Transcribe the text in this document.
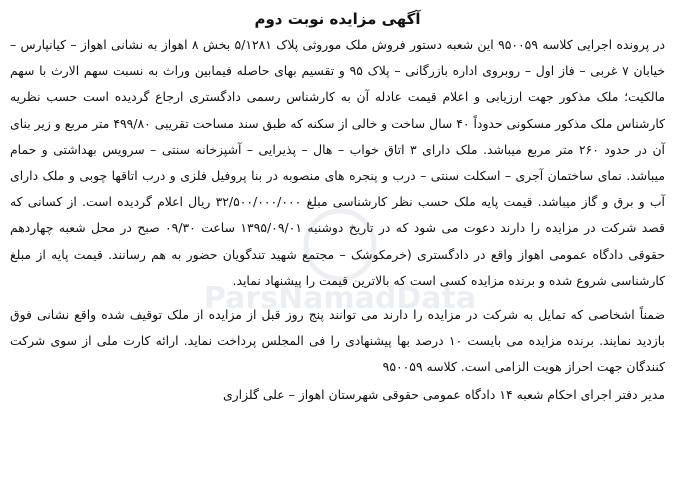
آگهی مزایده نوبت دوم

در پرونده اجرایی کلاسه ۹۵۰۰۵۹ این شعبه دستور فروش ملک موروثی پلاک ۵/۱۲۸۱ بخش ۸ اهواز به نشانی اهواز – کیانپارس – خیابان ۷ غربی – فاز اول – روبروی اداره بازرگانی – پلاک ۹۵ و تقسیم بهای حاصله فیمابین وراث به نسبت سهم الارث با سهم مالکیت؛ ملک مذکور جهت ارزیابی و اعلام قیمت عادله آن به کارشناس رسمی دادگستری ارجاع گردیده است حسب نظریه کارشناس ملک مذکور مسکونی حدوداً ۴۰ سال ساخت و خالی از سکنه که طبق سند مساحت تقریبی ۴۹۹/۸۰ متر مربع و زیر بنای آن در حدود ۲۶۰ متر مربع میباشد. ملک دارای ۳ اتاق خواب – هال – پذیرایی – آشپزخانه سنتی – سرویس بهداشتی و حمام میباشد. نمای ساختمان آجری – اسکلت سنتی – درب و پنجره های منصوبه در بنا پروفیل فلزی و درب اتاقها چوبی و ملک دارای آب و برق و گاز میباشد. قیمت پایه ملک حسب نظر کارشناسی مبلغ ۳۲/۵۰۰/۰۰۰/۰۰۰ ریال اعلام گردیده است. از کسانی که قصد شرکت در مزایده را دارند دعوت می شود که در تاریخ دوشنبه ۱۳۹۵/۰۹/۰۱ ساعت ۰۹/۳۰ صبح در محل شعبه چهاردهم حقوقی دادگاه عمومی اهواز واقع در دادگستری (خرمکوشک – مجتمع شهید تندگویان حضور به هم رسانند. قیمت پایه از مبلغ کارشناسی شروع شده و برنده مزایده کسی است که بالاترین قیمت را پیشنهاد نماید.

ضمناً اشخاصی که تمایل به شرکت در مزایده را دارند می توانند پنج روز قبل از مزایده از ملک توقیف شده واقع نشانی فوق بازدید نمایند. برنده مزایده می بایست ۱۰ درصد بها پیشنهادی را فی المجلس پرداخت نماید. ارائه کارت ملی از سوی شرکت کنندگان جهت احراز هویت الزامی است. کلاسه ۹۵۰۰۵۹

مدیر دفتر اجرای احکام شعبه ۱۴ دادگاه عمومی حقوقی شهرستان اهواز – علی گلزاری
ParsNamadData
